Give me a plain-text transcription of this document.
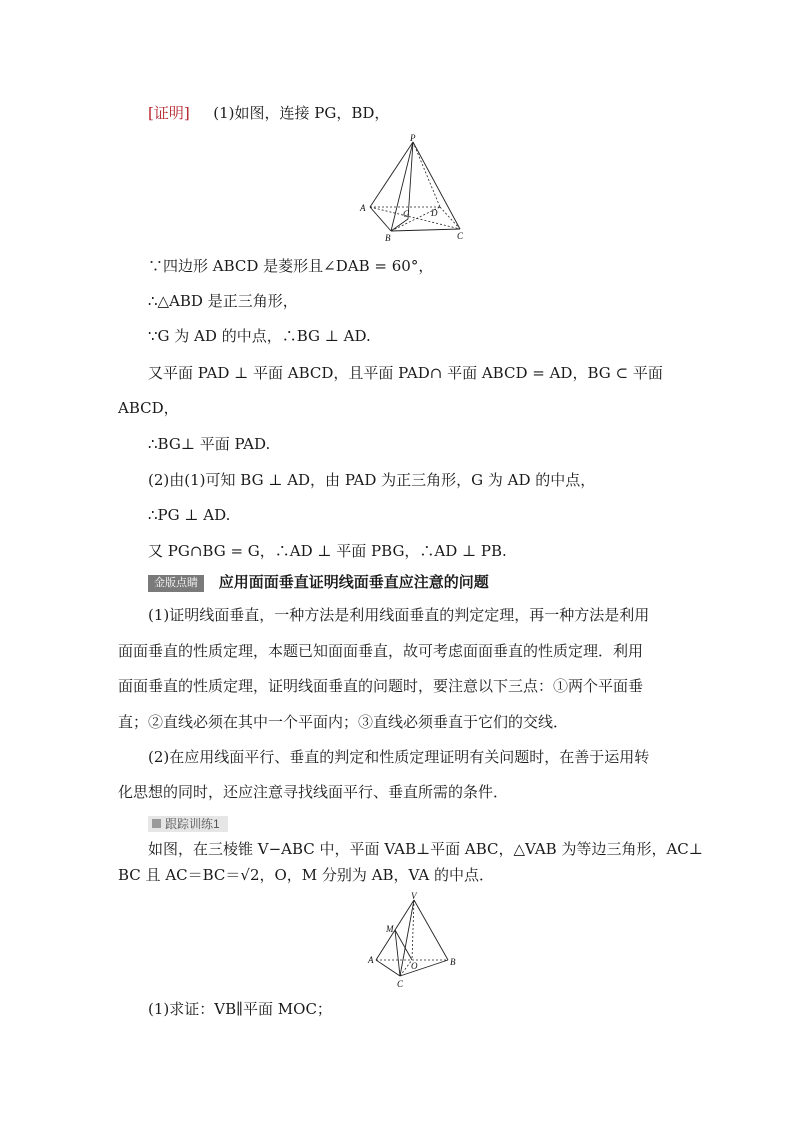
[证明] (1)如图，连接 PG，BD，
P
A
B	C
D
G
∵四边形 ABCD 是菱形且∠DAB = 60°，
∴△ABD 是正三角形，
∵G 为 AD 的中点，∴BG ⊥ AD.
又平面 PAD ⊥ 平面 ABCD，且平面 PAD∩ 平面 ABCD = AD，BG ⊂ 平面
ABCD，
∴BG⊥ 平面 PAD.
(2)由(1)可知 BG ⊥ AD，由 PAD 为正三角形，G 为 AD 的中点，
∴PG ⊥ AD.
又 PG∩BG = G，∴AD ⊥ 平面 PBG，∴AD ⊥ PB.
金版点睛 应用面面垂直证明线面垂直应注意的问题
(1)证明线面垂直，一种方法是利用线面垂直的判定定理，再一种方法是利用
面面垂直的性质定理，本题已知面面垂直，故可考虑面面垂直的性质定理．利用
面面垂直的性质定理，证明线面垂直的问题时，要注意以下三点：①两个平面垂
直；②直线必须在其中一个平面内；③直线必须垂直于它们的交线．
(2)在应用线面平行、垂直的判定和性质定理证明有关问题时，在善于运用转
化思想的同时，还应注意寻找线面平行、垂直所需的条件．
跟踪训练1
如图，在三棱锥 V−ABC 中，平面 VAB⊥平面 ABC，△VAB 为等边三角形，AC⊥
BC 且 AC＝BC＝√2，O，M 分别为 AB，VA 的中点．
V
M
A
O	B
C
(1)求证：VB∥平面 MOC；
